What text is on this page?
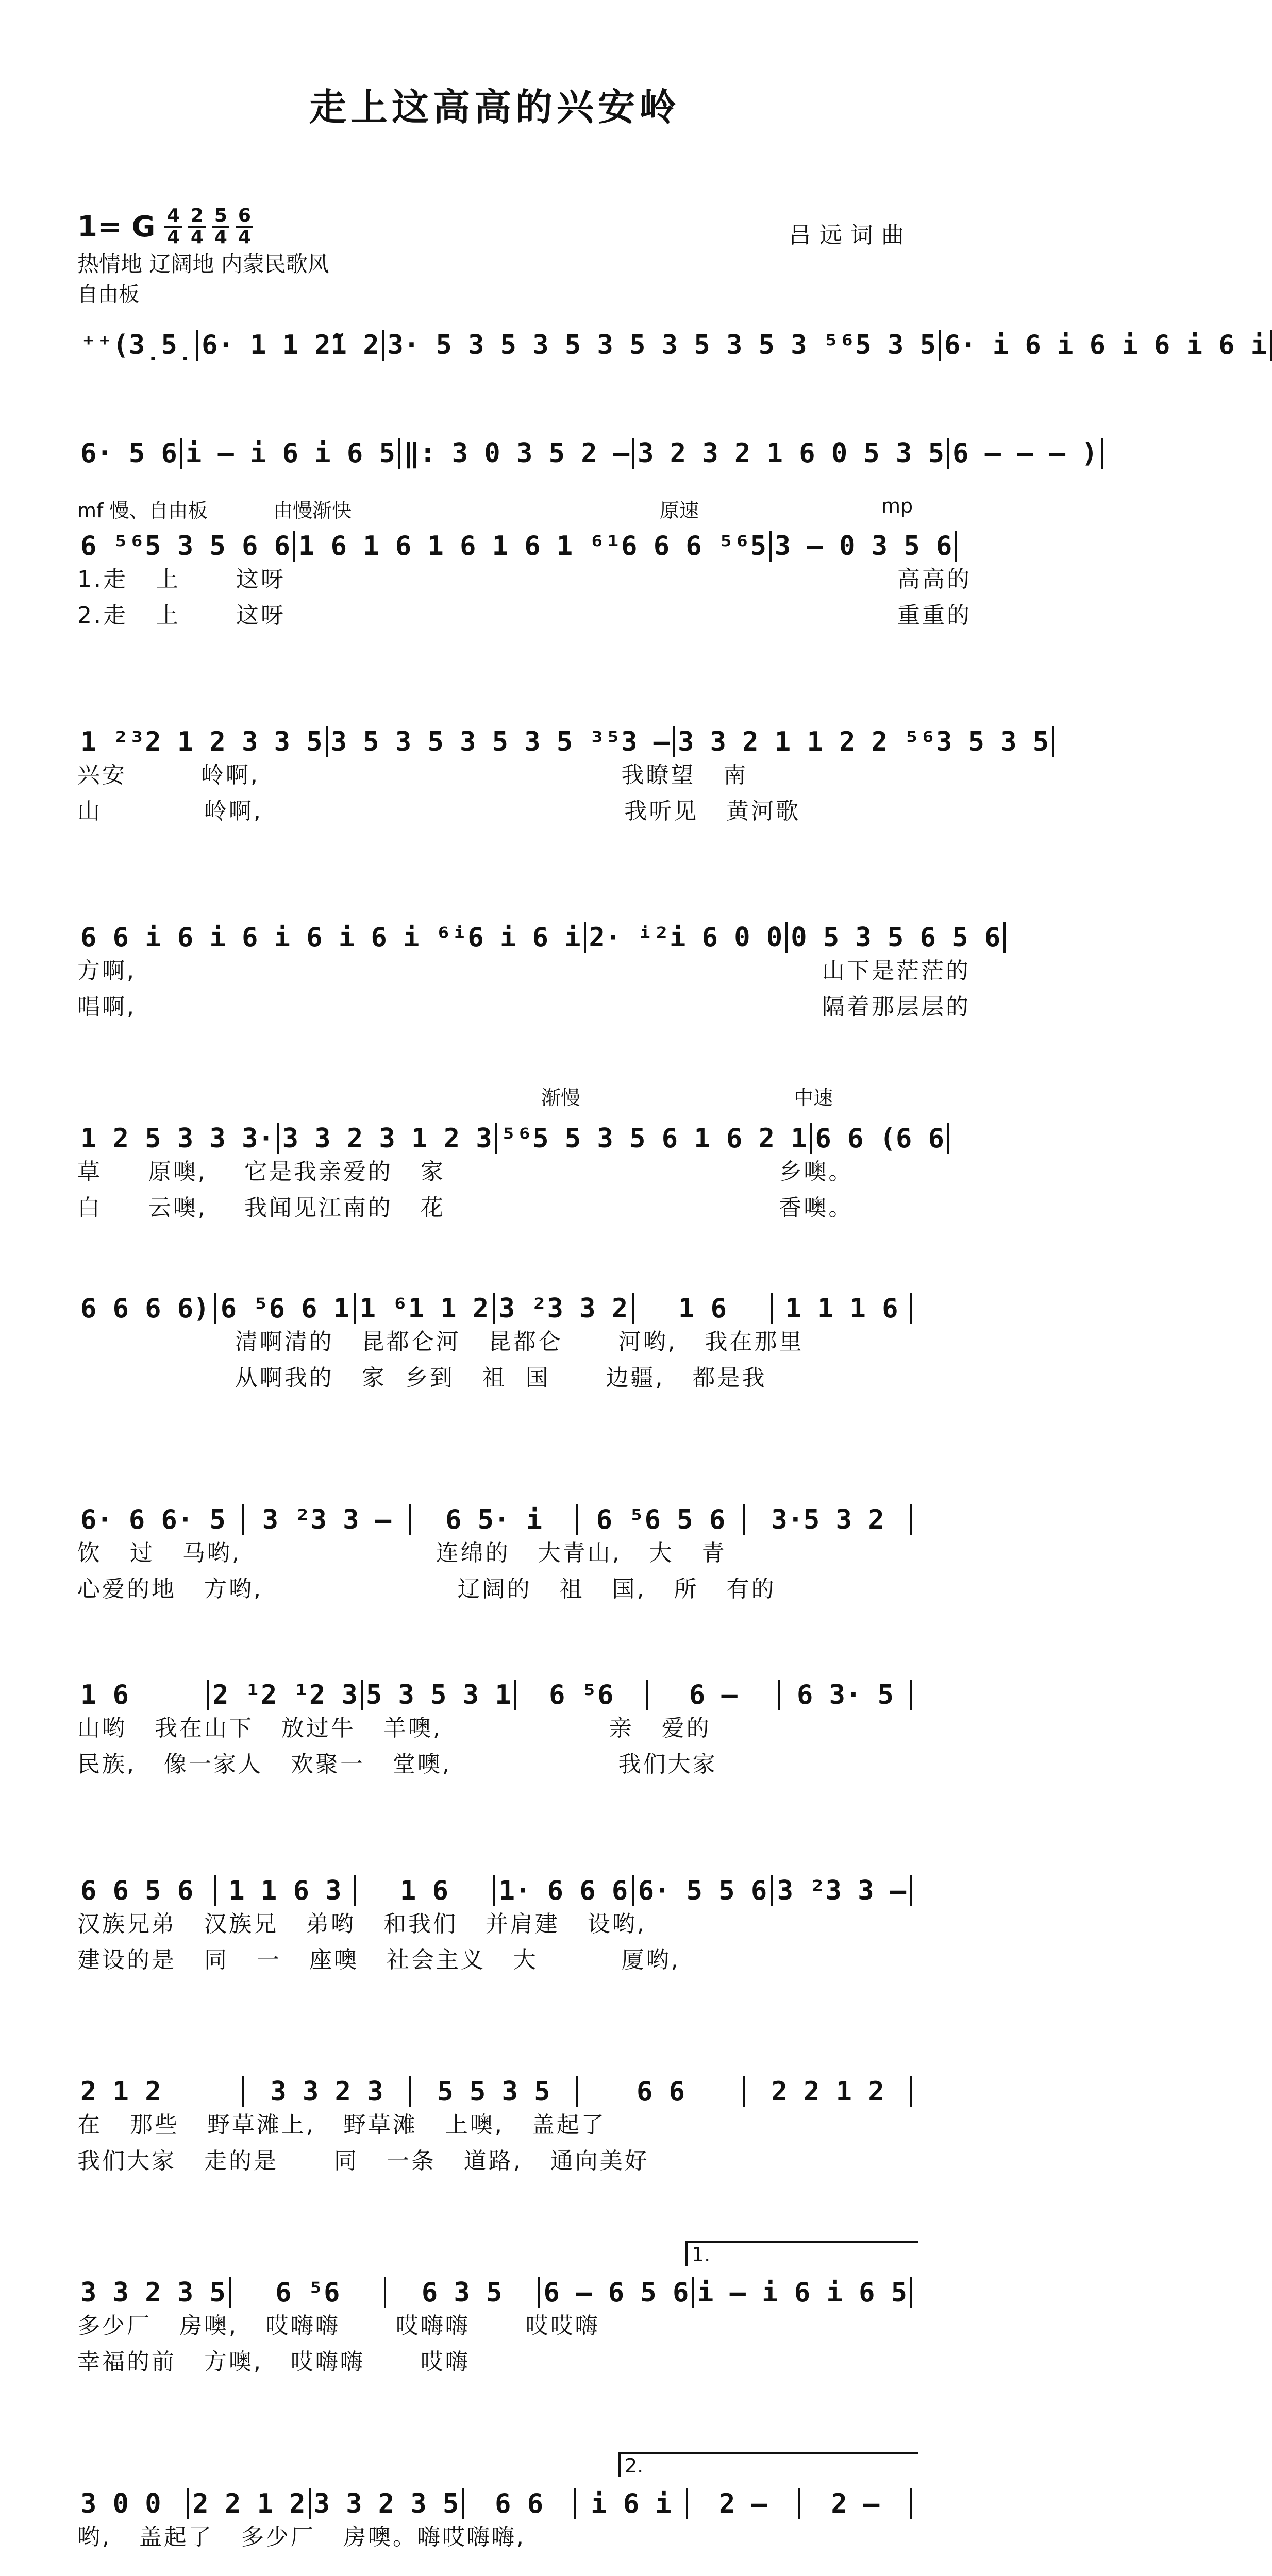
走上这高高的兴安岭
1= G $\frac{4}{4} \frac{2}{4} \frac{5}{4} \frac{6}{4}$	吕远词曲
热情地 辽阔地 内蒙民歌风
自由板
⁺⁺(3̣5̣ 6· 1 1 2̃1 2 3· 5 3 5 3 5 3 5 3 5 3 5 3 ⁵⁶5 3 5 6· i 6 i 6 i 6 i 6 i
6· 5 6 i – i 6 i 6 5 ‖: 3 0 3 5 2 – 3 2 3 2 1 6 0 5 3 5 6 – – – )
mf 慢、自由板	由慢渐快	原速	mp
6 ⁵⁶5 3 5 6 6 1 6 1 6 1 6 1 6 1 ⁶¹6 6 6 ⁵⁶5 3 – 0 3 5 6
1.走   上      这呀                                                                  高高的
2.走   上      这呀                                                                  重重的
1 ²³2 1 2 3 3 5 3 5 3 5 3 5 3 5 ³⁵3 – 3 3 2 1 1 2 2 ⁵⁶3 5 3 5
兴安        岭啊,                                       我瞭望   南
山           岭啊,                                       我听见   黄河歌
6 6 i 6 i 6 i 6 i 6 i ⁶ⁱ6 i 6 i 2· ⁱ²i 6 0 0 0 5 3 5 6 5 6
方啊,                                                                          山下是茫茫的
唱啊,                                                                          隔着那层层的
渐慢	中速
1 2 5 3 3 3· 3 3 2 3 1 2 3 ⁵⁶5 5 3 5 6 1 6 2 1 6 6 (6 6
草     原噢,    它是我亲爱的   家                                    乡噢。
白     云噢,    我闻见江南的   花                                    香噢。
6 6 6 6) 6 ⁵6 6 1 1 ⁶1 1 2 3 ²3 3 2	1 6	1 1 1 6
清啊清的   昆都仑河   昆都仑      河哟,   我在那里
从啊我的   家  乡到   祖  国      边疆,   都是我
6· 6 6· 5	3 ²3 3 –	6 5· i	6 ⁵6 5 6	3·5 3 2
饮   过   马哟,                     连绵的   大青山,   大   青
心爱的地   方哟,                     辽阔的   祖   国,   所   有的
1 6	2 ¹2 ¹2 3 5 3 5 3 1	6 ⁵6	6 –	6 3· 5
山哟   我在山下   放过牛   羊噢,                  亲   爱的
民族,   像一家人   欢聚一   堂噢,                  我们大家
6 6 5 6	1 1 6 3	1 6	1· 6 6 6 6· 5 5 6 3 ²3 3 –
汉族兄弟   汉族兄   弟哟   和我们   并肩建   设哟,
建设的是   同   一   座噢   社会主义   大         厦哟,
2 1 2	3 3 2 3	5 5 3 5	6 6	2 2 1 2
在   那些   野草滩上,   野草滩   上噢,   盖起了
我们大家   走的是      同   一条   道路,   通向美好
1.
3 3 2 3 5	6 ⁵6	6 3 5	6 – 6 5 6 i – i 6 i 6 5
多少厂   房噢,   哎嗨嗨      哎嗨嗨      哎哎嗨
幸福的前   方噢,   哎嗨嗨      哎嗨
2.
3 0 0	2 2 1 2 3 3 2 3 5	6 6	i 6 i	2 –	2 –
哟,   盖起了   多少厂   房噢。嗨哎嗨嗨,
